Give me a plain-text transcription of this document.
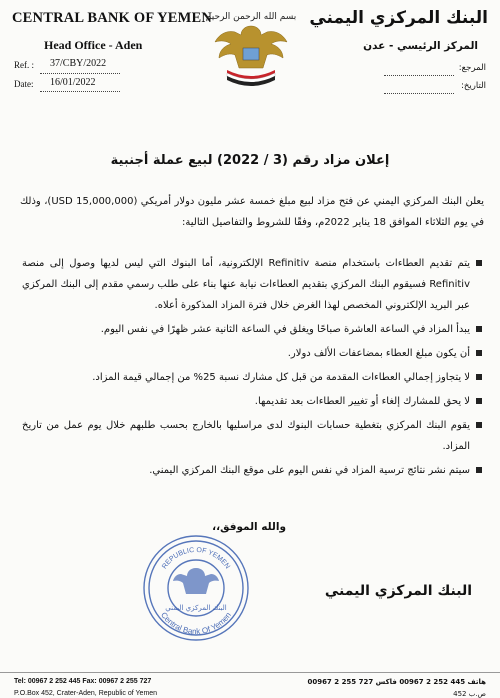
CENTRAL BANK OF YEMEN
Head Office - Aden
Ref. : 37/CBY/2022
Date: 16/01/2022
البنك المركزي اليمني
المركز الرئيسي - عدن
المرجع:
التاريخ:
بسم الله الرحمن الرحيم
إعلان مزاد رقم (3 / 2022) لبيع عملة أجنبية
يعلن البنك المركزي اليمني عن فتح مزاد لبيع مبلغ خمسة عشر مليون دولار أمريكي (15,000,000 USD)، وذلك في يوم الثلاثاء الموافق 18 يناير 2022م، وفقًا للشروط والتفاصيل التالية:
يتم تقديم العطاءات باستخدام منصة Refinitiv الإلكترونية، أما البنوك التي ليس لديها وصول إلى منصة Refinitiv فسيقوم البنك المركزي بتقديم العطاءات نيابة عنها بناء على طلب رسمي مقدم إلى البنك المركزي عبر البريد الإلكتروني المخصص لهذا الغرض خلال فترة المزاد المذكورة أعلاه.
يبدأ المزاد في الساعة العاشرة صباحًا ويغلق في الساعة الثانية عشر ظهرًا في نفس اليوم.
أن يكون مبلغ العطاء بمضاعفات الألف دولار.
لا يتجاوز إجمالي العطاءات المقدمة من قبل كل مشارك نسبة 25% من إجمالي قيمة المزاد.
لا يحق للمشارك إلغاء أو تغيير العطاءات بعد تقديمها.
يقوم البنك المركزي بتغطية حسابات البنوك لدى مراسليها بالخارج بحسب طلبهم خلال يوم عمل من تاريخ المزاد.
سيتم نشر نتائج ترسية المزاد في نفس اليوم على موقع البنك المركزي اليمني.
والله الموفق،،
REPUBLIC OF YEMEN
Central Bank Of Yemen
البنك المركزي اليمني
البنك المركزي اليمني
Tel: 00967 2 252 445 Fax: 00967 2 255 727
P.O.Box 452, Crater-Aden, Republic of Yemen
هاتف 445 252 2 00967 فاكس 727 255 2 00967
ص.ب 452
